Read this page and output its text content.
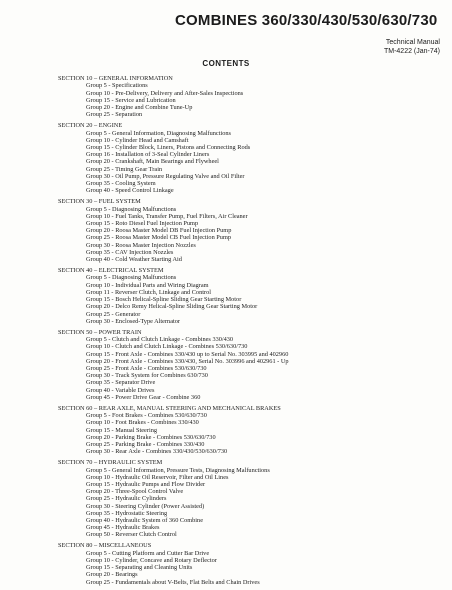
COMBINES 360/330/430/530/630/730
Technical Manual
TM-4222 (Jan-74)
CONTENTS
SECTION 10 – GENERAL INFORMATION
Group 5 - Specifications
Group 10 - Pre-Delivery, Delivery and After-Sales Inspections
Group 15 - Service and Lubrication
Group 20 - Engine and Combine Tune-Up
Group 25 - Separation
SECTION 20 – ENGINE
Group 5 - General Information, Diagnosing Malfunctions
Group 10 - Cylinder Head and Camshaft
Group 15 - Cylinder Block, Liners, Pistons and Connecting Rods
Group 16 - Installation of 3-Seal Cylinder Liners
Group 20 - Crankshaft, Main Bearings and Flywheel
Group 25 - Timing Gear Train
Group 30 - Oil Pump, Pressure Regulating Valve and Oil Filter
Group 35 - Cooling System
Group 40 - Speed Control Linkage
SECTION 30 – FUEL SYSTEM
Group 5 - Diagnosing Malfunctions
Group 10 - Fuel Tanks, Transfer Pump, Fuel Filters, Air Cleaner
Group 15 - Roto Diesel Fuel Injection Pump
Group 20 - Roosa Master Model DB Fuel Injection Pump
Group 25 - Roosa Master Model CB Fuel Injection Pump
Group 30 - Roosa Master Injection Nozzles
Group 35 - CAV Injection Nozzles
Group 40 - Cold Weather Starting Aid
SECTION 40 – ELECTRICAL SYSTEM
Group 5 - Diagnosing Malfunctions
Group 10 - Individual Parts and Wiring Diagram
Group 11 - Reverser Clutch, Linkage and Control
Group 15 - Bosch Helical-Spline Sliding Gear Starting Motor
Group 20 - Delco Remy Helical-Spline Sliding Gear Starting Motor
Group 25 - Generator
Group 30 - Enclosed-Type Alternator
SECTION 50 – POWER TRAIN
Group 5 - Clutch and Clutch Linkage - Combines 330/430
Group 10 - Clutch and Clutch Linkage - Combines 530/630/730
Group 15 - Front Axle - Combines 330/430 up to Serial No. 303995 and 402960
Group 20 - Front Axle - Combines 330/430, Serial No. 303996 and 402961 - Up
Group 25 - Front Axle - Combines 530/630/730
Group 30 - Track System for Combines 630/730
Group 35 - Separator Drive
Group 40 - Variable Drives
Group 45 - Power Drive Gear - Combine 360
SECTION 60 – REAR AXLE, MANUAL STEERING AND MECHANICAL BRAKES
Group 5 - Foot Brakes - Combines 530/630/730
Group 10 - Foot Brakes - Combines 330/430
Group 15 - Manual Steering
Group 20 - Parking Brake - Combines 530/630/730
Group 25 - Parking Brake - Combines 330/430
Group 30 - Rear Axle - Combines 330/430/530/630/730
SECTION 70 – HYDRAULIC SYSTEM
Group 5 - General Information, Pressure Tests, Diagnosing Malfunctions
Group 10 - Hydraulic Oil Reservoir, Filter and Oil Lines
Group 15 - Hydraulic Pumps and Flow Divider
Group 20 - Three-Spool Control Valve
Group 25 - Hydraulic Cylinders
Group 30 - Steering Cylinder (Power Assisted)
Group 35 - Hydrostatic Steering
Group 40 - Hydraulic System of 360 Combine
Group 45 - Hydraulic Brakes
Group 50 - Reverser Clutch Control
SECTION 80 – MISCELLANEOUS
Group 5 - Cutting Platform and Cutter Bar Drive
Group 10 - Cylinder, Concave and Rotary Deflector
Group 15 - Separating and Cleaning Units
Group 20 - Bearings
Group 25 - Fundamentals about V-Belts, Flat Belts and Chain Drives
